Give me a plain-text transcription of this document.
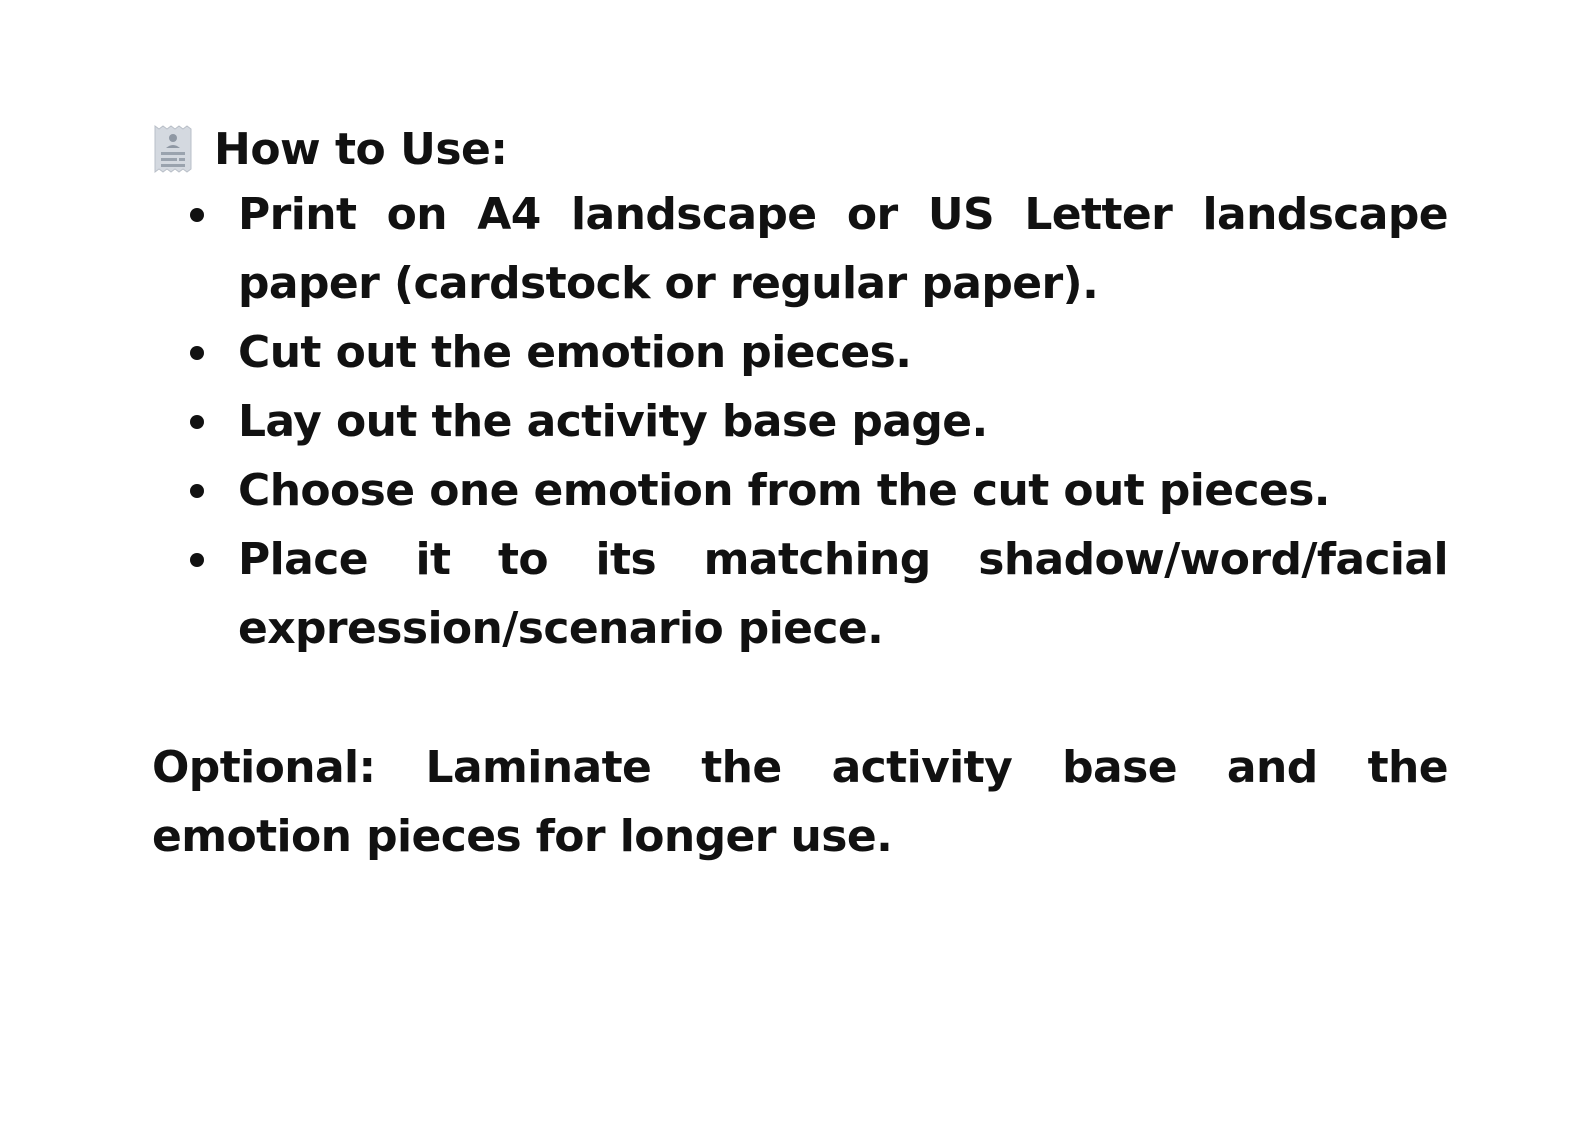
How to Use:
Print on A4 landscape or US Letter landscape paper (cardstock or regular paper).
Cut out the emotion pieces.
Lay out the activity base page.
Choose one emotion from the cut out pieces.
Place it to its matching shadow/word/facial expression/scenario piece.

Optional: Laminate the activity base and the emotion pieces for longer use.
